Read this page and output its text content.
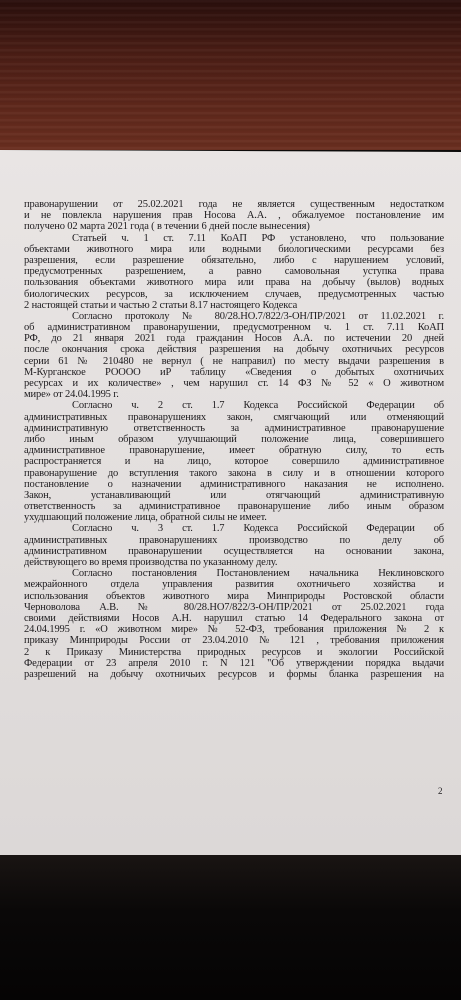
правонарушении от 25.02.2021 года не является существенным недостатком
и не повлекла нарушения прав Носова А.А. , обжалуемое постановление им
получено 02 марта 2021 года ( в течении 6 дней после вынесения)
Статьей ч. 1 ст. 7.11 КоАП РФ установлено, что пользование
объектами животного мира или водными биологическими ресурсами без
разрешения, если разрешение обязательно, либо с нарушением условий,
предусмотренных разрешением, а равно самовольная уступка права
пользования объектами животного мира или права на добычу (вылов) водных
биологических ресурсов, за исключением случаев, предусмотренных частью
2 настоящей статьи и частью 2 статьи 8.17 настоящего Кодекса
Согласно протоколу № 80/28.НО.7/822/3-ОН/ПР/2021 от 11.02.2021 г.
об административном правонарушении, предусмотренном ч. 1 ст. 7.11 КоАП
РФ, до 21 января 2021 года гражданин Носов А.А. по истечении 20 дней
после окончания срока действия разрешения на добычу охотничьих ресурсов
серии 61 № 210480 не вернул ( не направил) по месту выдачи разрешения в
М-Курганское РОООО иР таблицу «Сведения о добытых охотничьих
ресурсах и их количестве» , чем нарушил ст. 14 ФЗ № 52 « О животном
мире» от 24.04.1995 г.
Согласно ч. 2 ст. 1.7 Кодекса Российской Федерации об
административных правонарушениях закон, смягчающий или отменяющий
административную ответственность за административное правонарушение
либо иным образом улучшающий положение лица, совершившего
административное правонарушение, имеет обратную силу, то есть
распространяется и на лицо, которое совершило административное
правонарушение до вступления такого закона в силу и в отношении которого
постановление о назначении административного наказания не исполнено.
Закон, устанавливающий или отягчающий административную
ответственность за административное правонарушение либо иным образом
ухудшающий положение лица, обратной силы не имеет.
Согласно ч. 3 ст. 1.7 Кодекса Российской Федерации об
административных правонарушениях производство по делу об
административном правонарушении осуществляется на основании закона,
действующего во время производства по указанному делу.
Согласно постановления Постановлением начальника Неклиновского
межрайонного отдела управления развития охотничьего хозяйства и
использования объектов животного мира Минприроды Ростовской области
Черноволова А.В. № 80/28.НО7/822/3-ОН/ПР/2021 от 25.02.2021 года
своими действиями Носов А.Н. нарушил статью 14 Федерального закона от
24.04.1995 г. «О животном мире» № 52-ФЗ, требования приложения № 2 к
приказу Минприроды России от 23.04.2010 № 121 , требования приложения
2 к Приказу Министерства природных ресурсов и экологии Российской
Федерации от 23 апреля 2010 г. N 121 "Об утверждении порядка выдачи
разрешений на добычу охотничьих ресурсов и формы бланка разрешения на
2
